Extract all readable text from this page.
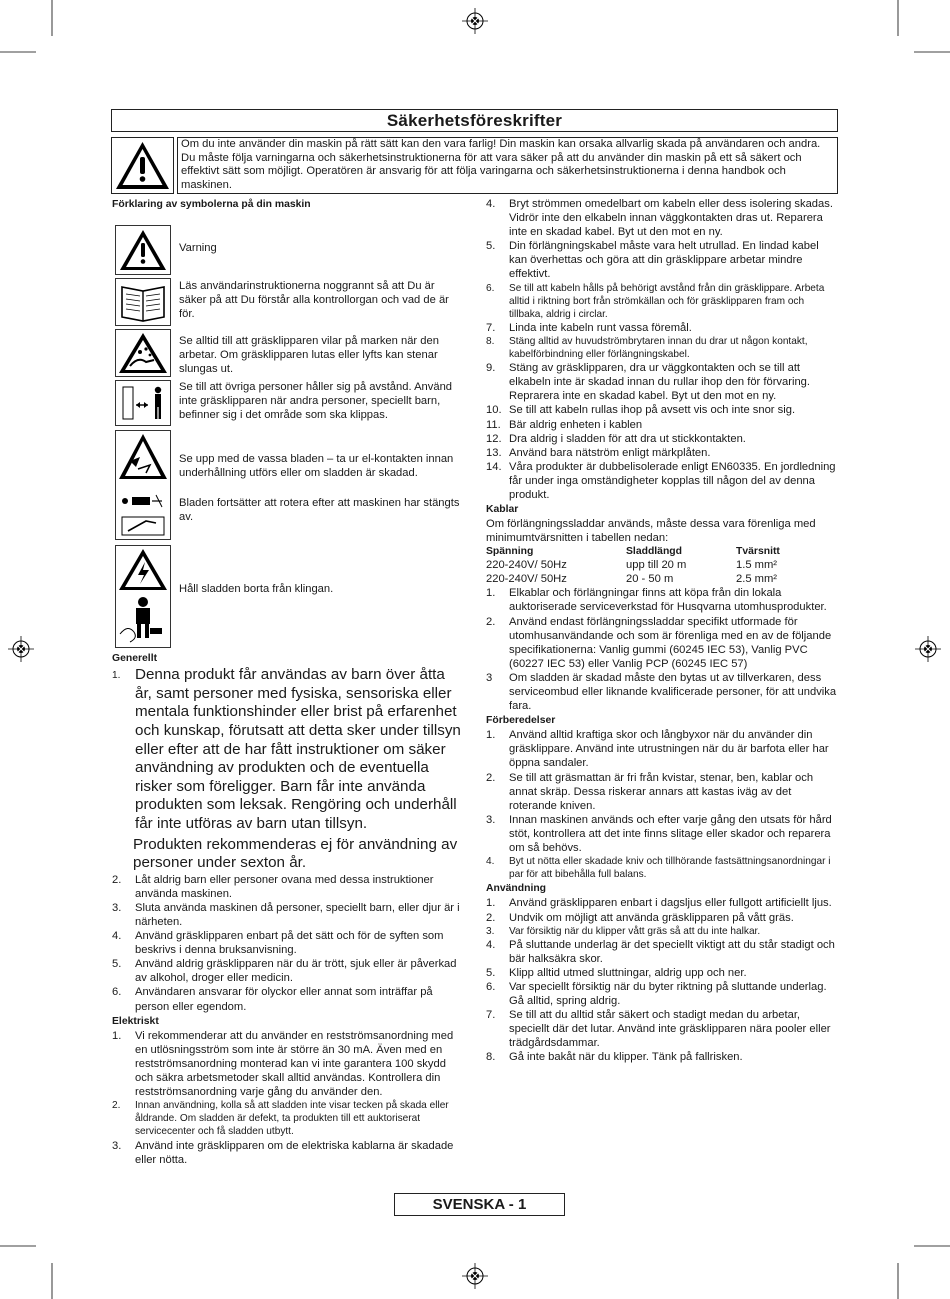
Säkerhetsföreskrifter
Om du inte använder din maskin på rätt sätt kan den vara farlig! Din maskin kan orsaka allvarlig skada på användaren och andra. Du måste följa varningarna och säkerhetsinstruktionerna för att vara säker på att du använder din maskin på ett så säkert och effektivt sätt som möjligt. Operatören är ansvarig för att följa varingarna och säkerhetsinstruktionerna i denna handbok och maskinen.
Förklaring av symbolerna på din maskin
Varning
Läs användarinstruktionerna noggrannt så att Du är säker på att Du förstår alla kontrollorgan och vad de är för.
Se alltid till att gräsklipparen vilar på marken när den arbetar. Om gräsklipparen lutas eller lyfts kan stenar slungas ut.
Se till att övriga personer håller sig på avstånd. Använd inte gräsklipparen när andra personer, speciellt barn, befinner sig i det område som ska klippas.
Se upp med de vassa bladen – ta ur el-kontakten innan underhållning utförs eller om sladden är skadad.
Bladen fortsätter att rotera efter att maskinen har stängts av.
Håll sladden borta från klingan.
Generellt
1. Denna produkt får användas av barn över åtta år, samt personer med fysiska, sensoriska eller mentala funktionshinder eller brist på erfarenhet och kunskap, förutsatt att detta sker under tillsyn eller efter att de har fått instruktioner om säker användning av produkten och de eventuella risker som föreligger. Barn får inte använda produkten som leksak. Rengöring och underhåll får inte utföras av barn utan tillsyn.
Produkten rekommenderas ej för användning av personer under sexton år.
2. Låt aldrig barn eller personer ovana med dessa instruktioner använda maskinen.
3. Sluta använda maskinen då personer, speciellt barn, eller djur är i närheten.
4. Använd gräsklipparen enbart på det sätt och för de syften som beskrivs i denna bruksanvisning.
5. Använd aldrig gräsklipparen när du är trött, sjuk eller är påverkad av alkohol, droger eller medicin.
6. Användaren ansvarar för olyckor eller annat som inträffar på person eller egendom.
Elektriskt
1. Vi rekommenderar att du använder en restströmsanordning med en utlösningsström som inte är större än 30 mA. Även med en restströmsanordning monterad kan vi inte garantera 100 skydd och säkra arbetsmetoder skall alltid användas. Kontrollera din restströmsanordning varje gång du använder den.
2. Innan användning, kolla så att sladden inte visar tecken på skada eller åldrande. Om sladden är defekt, ta produkten till ett auktoriserat servicecenter och få sladden utbytt.
3. Använd inte gräsklipparen om de elektriska kablarna är skadade eller nötta.
4. Bryt strömmen omedelbart om kabeln eller dess isolering skadas. Vidrör inte den elkabeln innan väggkontakten dras ut. Reparera inte en skadad kabel. Byt ut den mot en ny.
5. Din förlängningskabel måste vara helt utrullad. En lindad kabel kan överhettas och göra att din gräsklippare arbetar mindre effektivt.
6. Se till att kabeln hålls på behörigt avstånd från din gräsklippare. Arbeta alltid i riktning bort från strömkällan och för gräsklipparen fram och tillbaka, aldrig i circlar.
7. Linda inte kabeln runt vassa föremål.
8. Stäng alltid av huvudströmbrytaren innan du drar ut någon kontakt, kabelförbindning eller förlängningskabel.
9. Stäng av gräsklipparen, dra ur väggkontakten och se till att elkabeln inte är skadad innan du rullar ihop den för förvaring. Reprarera inte en skadad kabel. Byt ut den mot en ny.
10. Se till att kabeln rullas ihop på avsett vis och inte snor sig.
11. Bär aldrig enheten i kablen
12. Dra aldrig i sladden för att dra ut stickkontakten.
13. Använd bara nätström enligt märkplåten.
14. Våra produkter är dubbelisolerade enligt EN60335. En jordledning får under inga omständigheter kopplas till någon del av denna produkt.
Kablar
Om förlängningssladdar används, måste dessa vara förenliga med minimumtvärsnitten i tabellen nedan:
Spänning	Sladdlängd	Tvärsnitt
220-240V/ 50Hz	upp till 20 m	1.5 mm²
220-240V/ 50Hz	20 - 50 m	2.5 mm²
1. Elkablar och förlängningar finns att köpa från din lokala auktoriserade serviceverkstad för Husqvarna utomhusprodukter.
2. Använd endast förlängningssladdar specifikt utformade för utomhusanvändande och som är förenliga med en av de följande specifikationerna: Vanlig gummi (60245 IEC 53), Vanlig PVC (60227 IEC 53) eller Vanlig PCP (60245 IEC 57)
3 Om sladden är skadad måste den bytas ut av tillverkaren, dess serviceombud eller liknande kvalificerade personer, för att undvika fara.
Förberedelser
1. Använd alltid kraftiga skor och långbyxor när du använder din gräsklippare. Använd inte utrustningen när du är barfota eller har öppna sandaler.
2. Se till att gräsmattan är fri från kvistar, stenar, ben, kablar och annat skräp. Dessa riskerar annars att kastas iväg av det roterande kniven.
3. Innan maskinen används och efter varje gång den utsats för hård stöt, kontrollera att det inte finns slitage eller skador och reparera om så behövs.
4. Byt ut nötta eller skadade kniv och tillhörande fastsättningsanordningar i par för att bibehålla full balans.
Användning
1. Använd gräsklipparen enbart i dagsljus eller fullgott artificiellt ljus.
2. Undvik om möjligt att använda gräsklipparen på vått gräs.
3. Var försiktig när du klipper vått gräs så att du inte halkar.
4. På sluttande underlag är det speciellt viktigt att du står stadigt och bär halksäkra skor.
5. Klipp alltid utmed sluttningar, aldrig upp och ner.
6. Var speciellt försiktig när du byter riktning på sluttande underlag. Gå alltid, spring aldrig.
7. Se till att du alltid står säkert och stadigt medan du arbetar, speciellt där det lutar. Använd inte gräsklipparen nära pooler eller trädgårdsdammar.
8. Gå inte bakåt när du klipper. Tänk på fallrisken.
SVENSKA - 1
